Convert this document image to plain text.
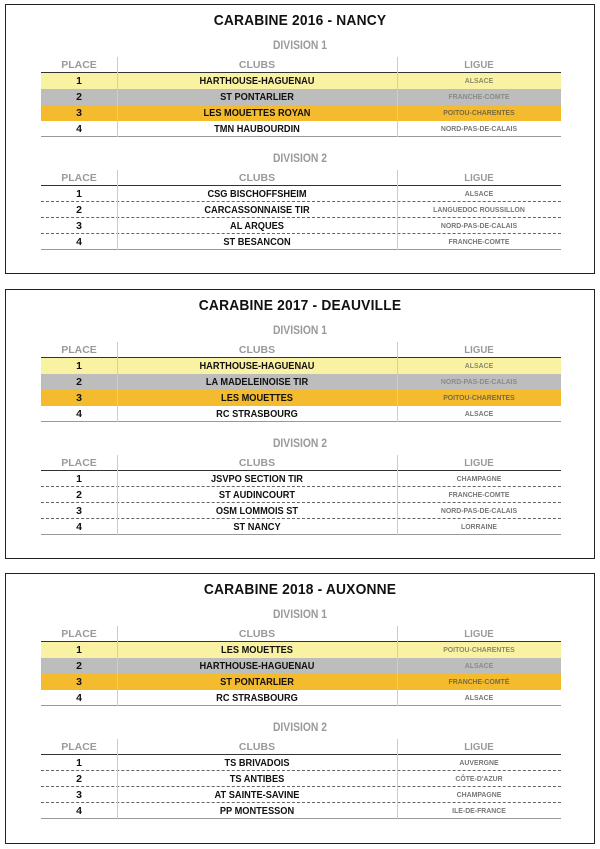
CARABINE 2016 - NANCY
DIVISION 1
PLACE	CLUBS	LIGUE
1	HARTHOUSE-HAGUENAU	ALSACE
2	ST PONTARLIER	FRANCHE-COMTE
3	LES MOUETTES ROYAN	POITOU-CHARENTES
4	TMN HAUBOURDIN	NORD-PAS-DE-CALAIS
DIVISION 2
PLACE	CLUBS	LIGUE
1	CSG BISCHOFFSHEIM	ALSACE
2	CARCASSONNAISE TIR	LANGUEDOC ROUSSILLON
3	AL ARQUES	NORD-PAS-DE-CALAIS
4	ST BESANCON	FRANCHE-COMTE
CARABINE 2017 - DEAUVILLE
DIVISION 1
PLACE	CLUBS	LIGUE
1	HARTHOUSE-HAGUENAU	ALSACE
2	LA MADELEINOISE TIR	NORD-PAS-DE-CALAIS
3	LES MOUETTES	POITOU-CHARENTES
4	RC STRASBOURG	ALSACE
DIVISION 2
PLACE	CLUBS	LIGUE
1	JSVPO SECTION TIR	CHAMPAGNE
2	ST AUDINCOURT	FRANCHE-COMTE
3	OSM LOMMOIS ST	NORD-PAS-DE-CALAIS
4	ST NANCY	LORRAINE
CARABINE 2018 - AUXONNE
DIVISION 1
PLACE	CLUBS	LIGUE
1	LES MOUETTES	POITOU-CHARENTES
2	HARTHOUSE-HAGUENAU	ALSACE
3	ST PONTARLIER	FRANCHE-COMTÉ
4	RC STRASBOURG	ALSACE
DIVISION 2
PLACE	CLUBS	LIGUE
1	TS BRIVADOIS	AUVERGNE
2	TS ANTIBES	CÔTE-D'AZUR
3	AT SAINTE-SAVINE	CHAMPAGNE
4	PP MONTESSON	ILE-DE-FRANCE
